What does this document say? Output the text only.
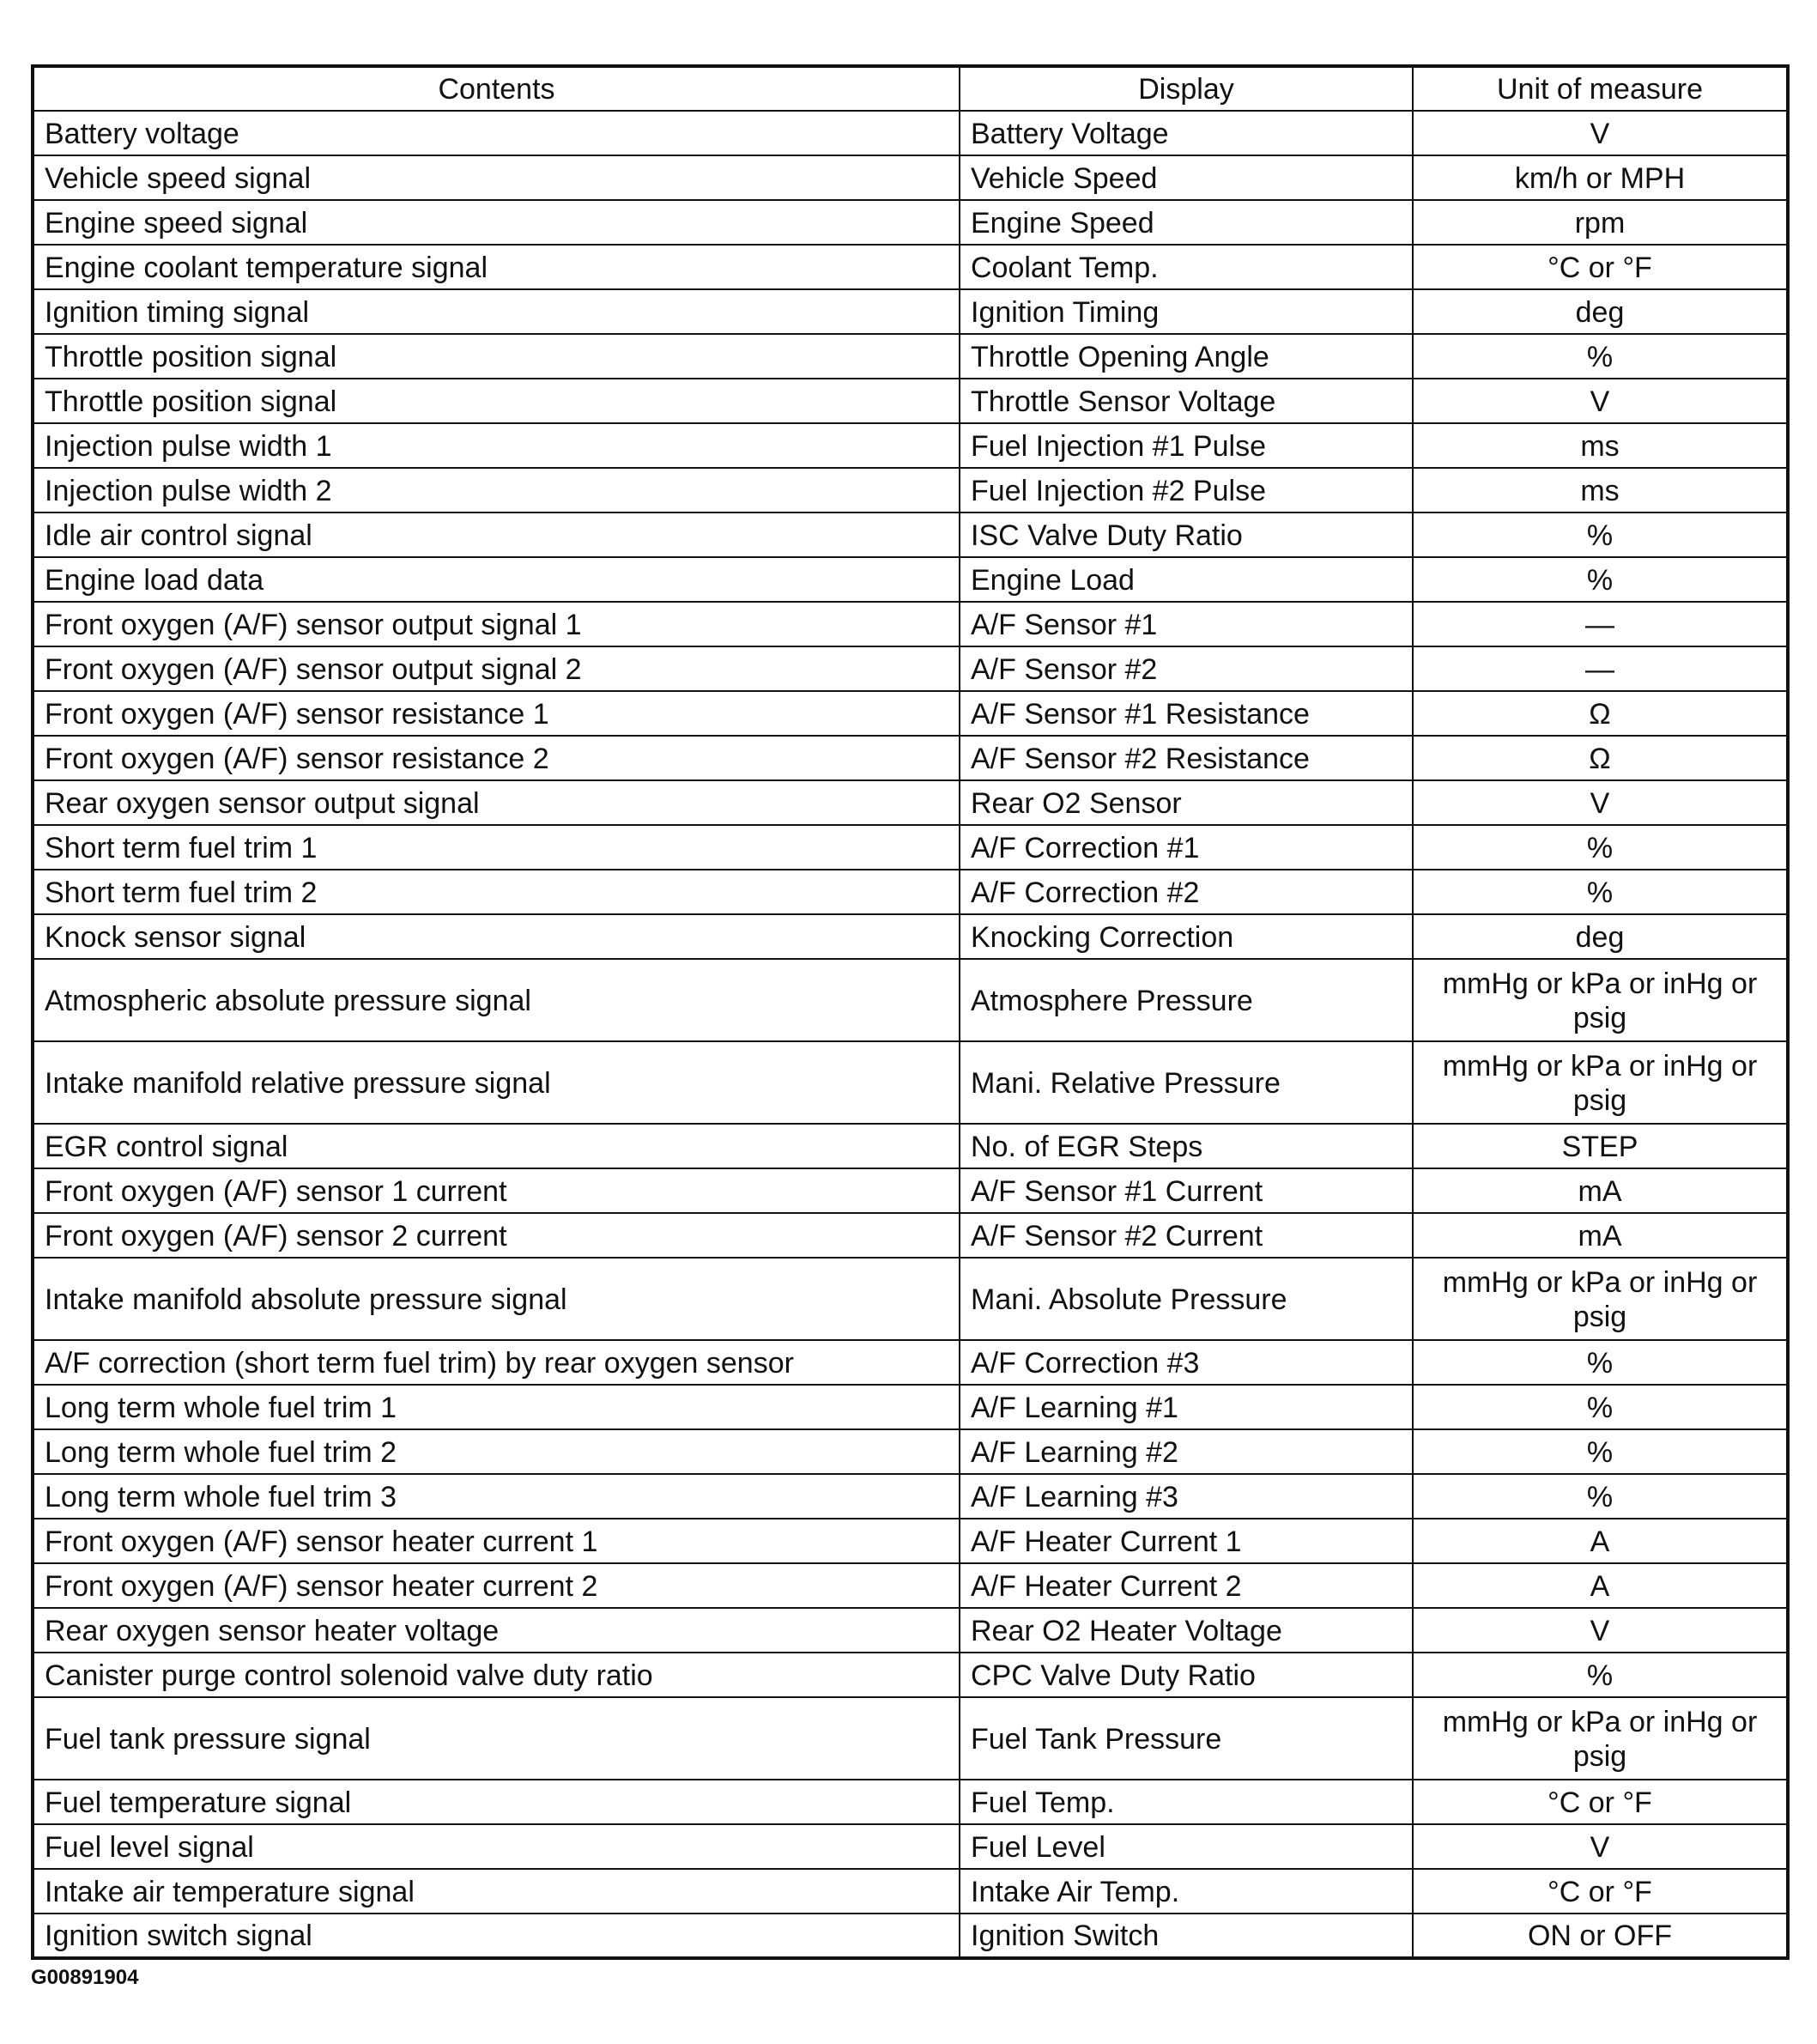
Contents	Display	Unit of measure
Battery voltage	Battery Voltage	V
Vehicle speed signal	Vehicle Speed	km/h or MPH
Engine speed signal	Engine Speed	rpm
Engine coolant temperature signal	Coolant Temp.	°C or °F
Ignition timing signal	Ignition Timing	deg
Throttle position signal	Throttle Opening Angle	%
Throttle position signal	Throttle Sensor Voltage	V
Injection pulse width 1	Fuel Injection #1 Pulse	ms
Injection pulse width 2	Fuel Injection #2 Pulse	ms
Idle air control signal	ISC Valve Duty Ratio	%
Engine load data	Engine Load	%
Front oxygen (A/F) sensor output signal 1	A/F Sensor #1	—
Front oxygen (A/F) sensor output signal 2	A/F Sensor #2	—
Front oxygen (A/F) sensor resistance 1	A/F Sensor #1 Resistance	Ω
Front oxygen (A/F) sensor resistance 2	A/F Sensor #2 Resistance	Ω
Rear oxygen sensor output signal	Rear O2 Sensor	V
Short term fuel trim 1	A/F Correction #1	%
Short term fuel trim 2	A/F Correction #2	%
Knock sensor signal	Knocking Correction	deg
Atmospheric absolute pressure signal	Atmosphere Pressure	mmHg or kPa or inHg or psig
Intake manifold relative pressure signal	Mani. Relative Pressure	mmHg or kPa or inHg or psig
EGR control signal	No. of EGR Steps	STEP
Front oxygen (A/F) sensor 1 current	A/F Sensor #1 Current	mA
Front oxygen (A/F) sensor 2 current	A/F Sensor #2 Current	mA
Intake manifold absolute pressure signal	Mani. Absolute Pressure	mmHg or kPa or inHg or psig
A/F correction (short term fuel trim) by rear oxygen sensor	A/F Correction #3	%
Long term whole fuel trim 1	A/F Learning #1	%
Long term whole fuel trim 2	A/F Learning #2	%
Long term whole fuel trim 3	A/F Learning #3	%
Front oxygen (A/F) sensor heater current 1	A/F Heater Current 1	A
Front oxygen (A/F) sensor heater current 2	A/F Heater Current 2	A
Rear oxygen sensor heater voltage	Rear O2 Heater Voltage	V
Canister purge control solenoid valve duty ratio	CPC Valve Duty Ratio	%
Fuel tank pressure signal	Fuel Tank Pressure	mmHg or kPa or inHg or psig
Fuel temperature signal	Fuel Temp.	°C or °F
Fuel level signal	Fuel Level	V
Intake air temperature signal	Intake Air Temp.	°C or °F
Ignition switch signal	Ignition Switch	ON or OFF
G00891904
